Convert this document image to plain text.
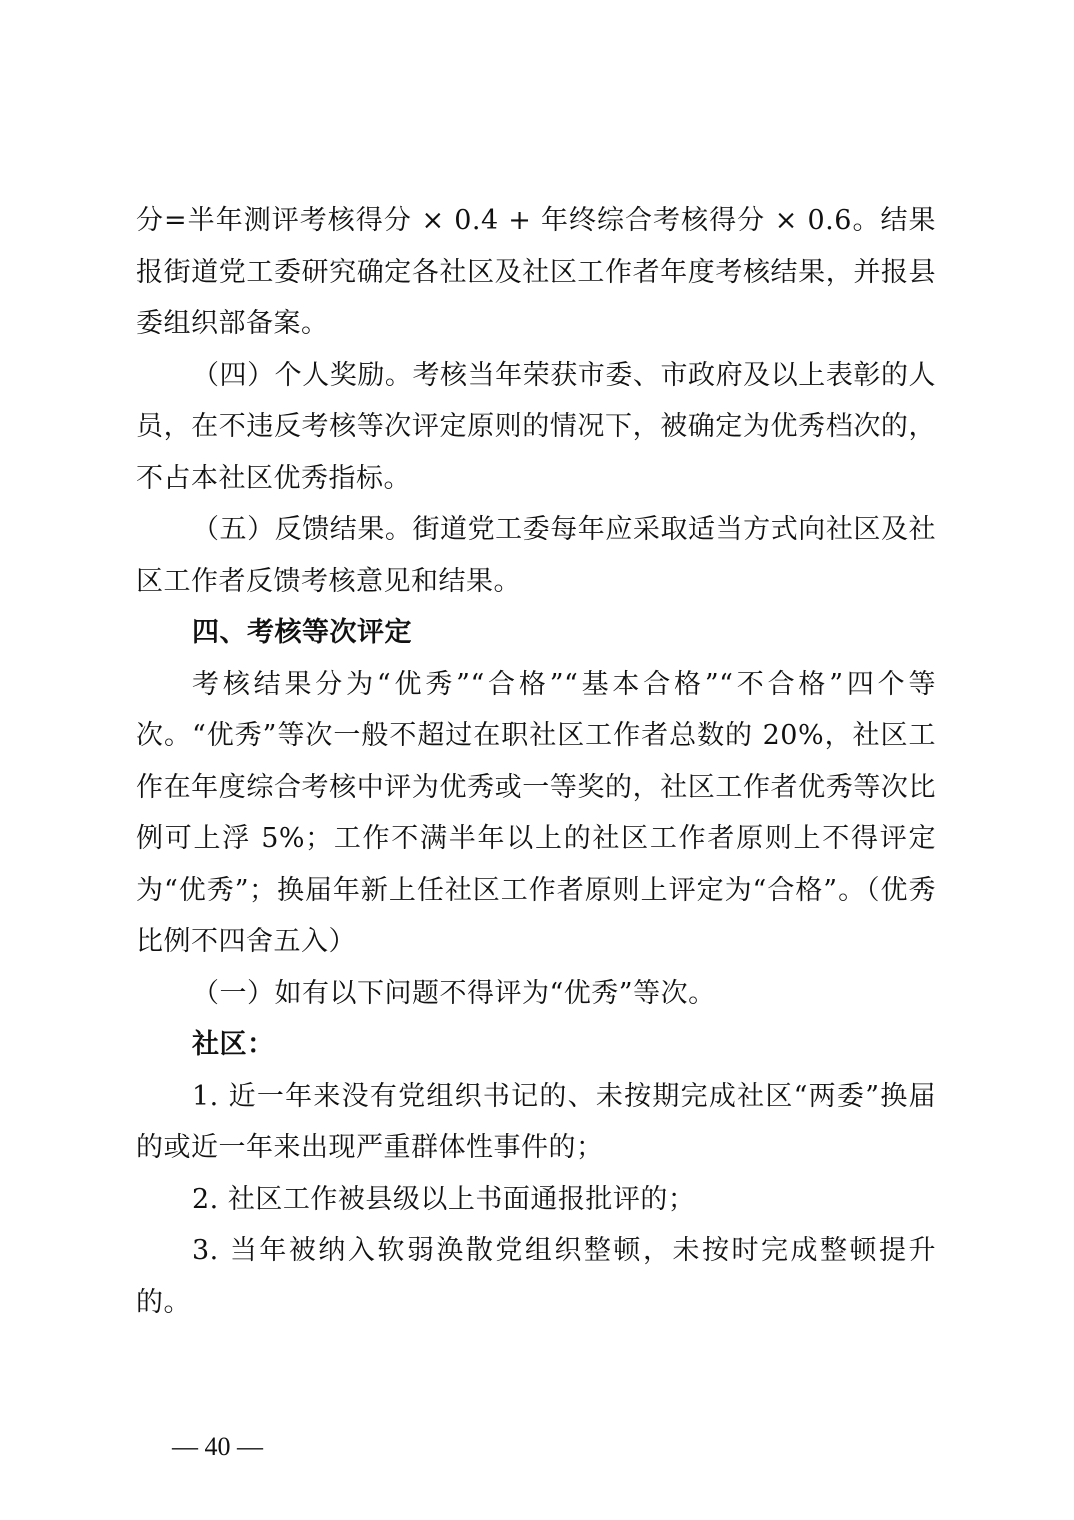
分=半年测评考核得分 × 0.4 + 年终综合考核得分 × 0.6。结果报街道党工委研究确定各社区及社区工作者年度考核结果，并报县委组织部备案。

（四）个人奖励。考核当年荣获市委、市政府及以上表彰的人员，在不违反考核等次评定原则的情况下，被确定为优秀档次的，不占本社区优秀指标。

（五）反馈结果。街道党工委每年应采取适当方式向社区及社区工作者反馈考核意见和结果。

四、考核等次评定

考核结果分为“优秀”“合格”“基本合格”“不合格”四个等次。“优秀”等次一般不超过在职社区工作者总数的 20%，社区工作在年度综合考核中评为优秀或一等奖的，社区工作者优秀等次比例可上浮 5%；工作不满半年以上的社区工作者原则上不得评定为“优秀”；换届年新上任社区工作者原则上评定为“合格”。（优秀比例不四舍五入）

（一）如有以下问题不得评为“优秀”等次。

社区：

1. 近一年来没有党组织书记的、未按期完成社区“两委”换届的或近一年来出现严重群体性事件的；

2. 社区工作被县级以上书面通报批评的；

3. 当年被纳入软弱涣散党组织整顿，未按时完成整顿提升的。

— 40 —
